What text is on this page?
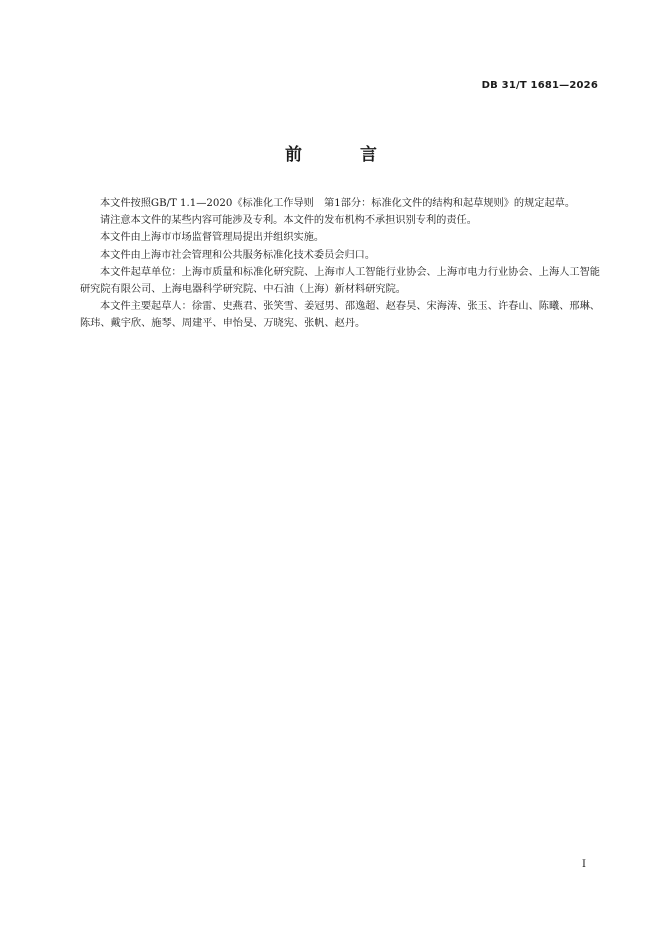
DB 31/T 1681—2026
前 言

本文件按照GB/T 1.1—2020《标准化工作导则　第1部分：标准化文件的结构和起草规则》的规定起草。

请注意本文件的某些内容可能涉及专利。本文件的发布机构不承担识别专利的责任。

本文件由上海市市场监督管理局提出并组织实施。

本文件由上海市社会管理和公共服务标准化技术委员会归口。

本文件起草单位：上海市质量和标准化研究院、上海市人工智能行业协会、上海市电力行业协会、上海人工智能研究院有限公司、上海电器科学研究院、中石油（上海）新材料研究院。

本文件主要起草人：徐雷、史燕君、张笑雪、姜冠男、邵逸超、赵春昊、宋海涛、张玉、许春山、陈曦、邢琳、陈玮、戴宇欣、施琴、周建平、申怡旻、万晓宪、张帆、赵丹。

I
